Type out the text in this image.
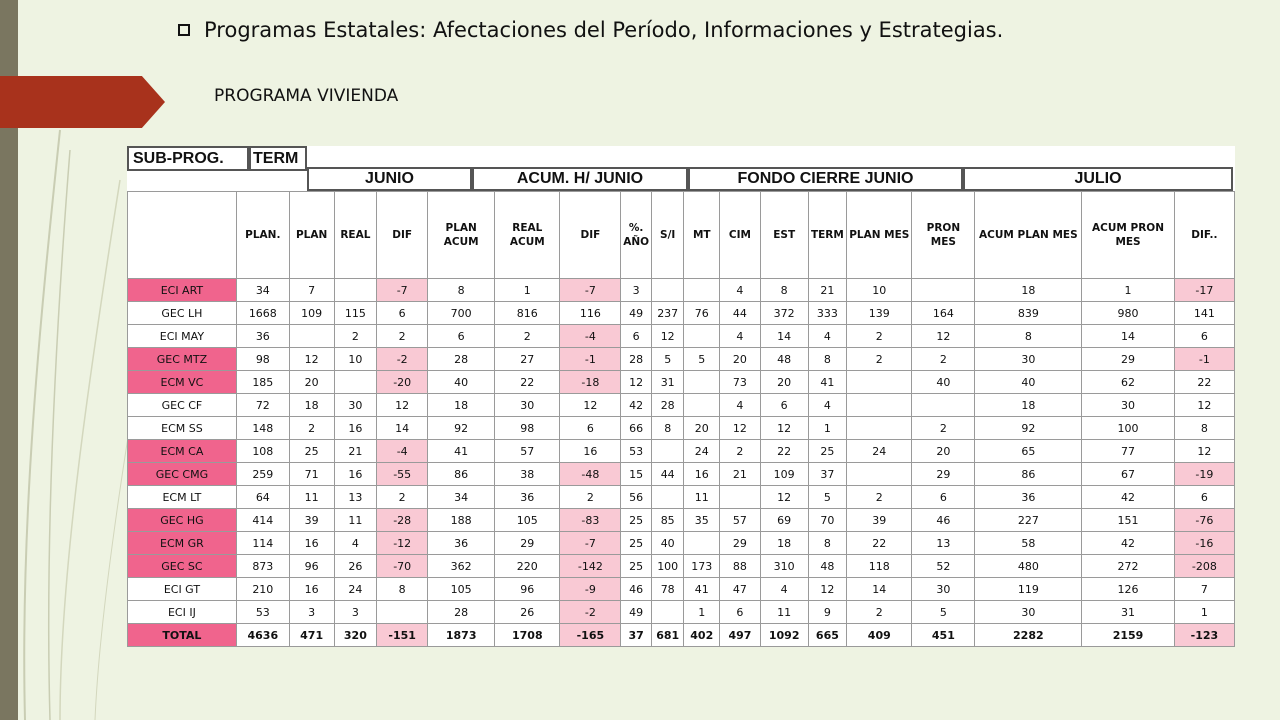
Programas Estatales: Afectaciones del Período, Informaciones y Estrategias.
PROGRAMA VIVIENDA
SUB-PROG.	TERM
JUNIO	ACUM. H/ JUNIO	FONDO CIERRE JUNIO	JULIO
	PLAN.	PLAN	REAL	DIF	PLAN ACUM	REAL ACUM	DIF	%. AÑO	S/I	MT	CIM	EST	TERM	PLAN MES	PRON MES	ACUM PLAN MES	ACUM PRON MES	DIF..
ECI ART	34	7		-7	8	1	-7	3			4	8	21	10		18	1	-17
GEC LH	1668	109	115	6	700	816	116	49	237	76	44	372	333	139	164	839	980	141
ECI MAY	36		2	2	6	2	-4	6	12		4	14	4	2	12	8	14	6
GEC MTZ	98	12	10	-2	28	27	-1	28	5	5	20	48	8	2	2	30	29	-1
ECM VC	185	20		-20	40	22	-18	12	31		73	20	41		40	40	62	22
GEC CF	72	18	30	12	18	30	12	42	28		4	6	4			18	30	12
ECM SS	148	2	16	14	92	98	6	66	8	20	12	12	1		2	92	100	8
ECM CA	108	25	21	-4	41	57	16	53		24	2	22	25	24	20	65	77	12
GEC CMG	259	71	16	-55	86	38	-48	15	44	16	21	109	37		29	86	67	-19
ECM LT	64	11	13	2	34	36	2	56		11		12	5	2	6	36	42	6
GEC HG	414	39	11	-28	188	105	-83	25	85	35	57	69	70	39	46	227	151	-76
ECM GR	114	16	4	-12	36	29	-7	25	40		29	18	8	22	13	58	42	-16
GEC SC	873	96	26	-70	362	220	-142	25	100	173	88	310	48	118	52	480	272	-208
ECI GT	210	16	24	8	105	96	-9	46	78	41	47	4	12	14	30	119	126	7
ECI IJ	53	3	3		28	26	-2	49		1	6	11	9	2	5	30	31	1
TOTAL	4636	471	320	-151	1873	1708	-165	37	681	402	497	1092	665	409	451	2282	2159	-123
